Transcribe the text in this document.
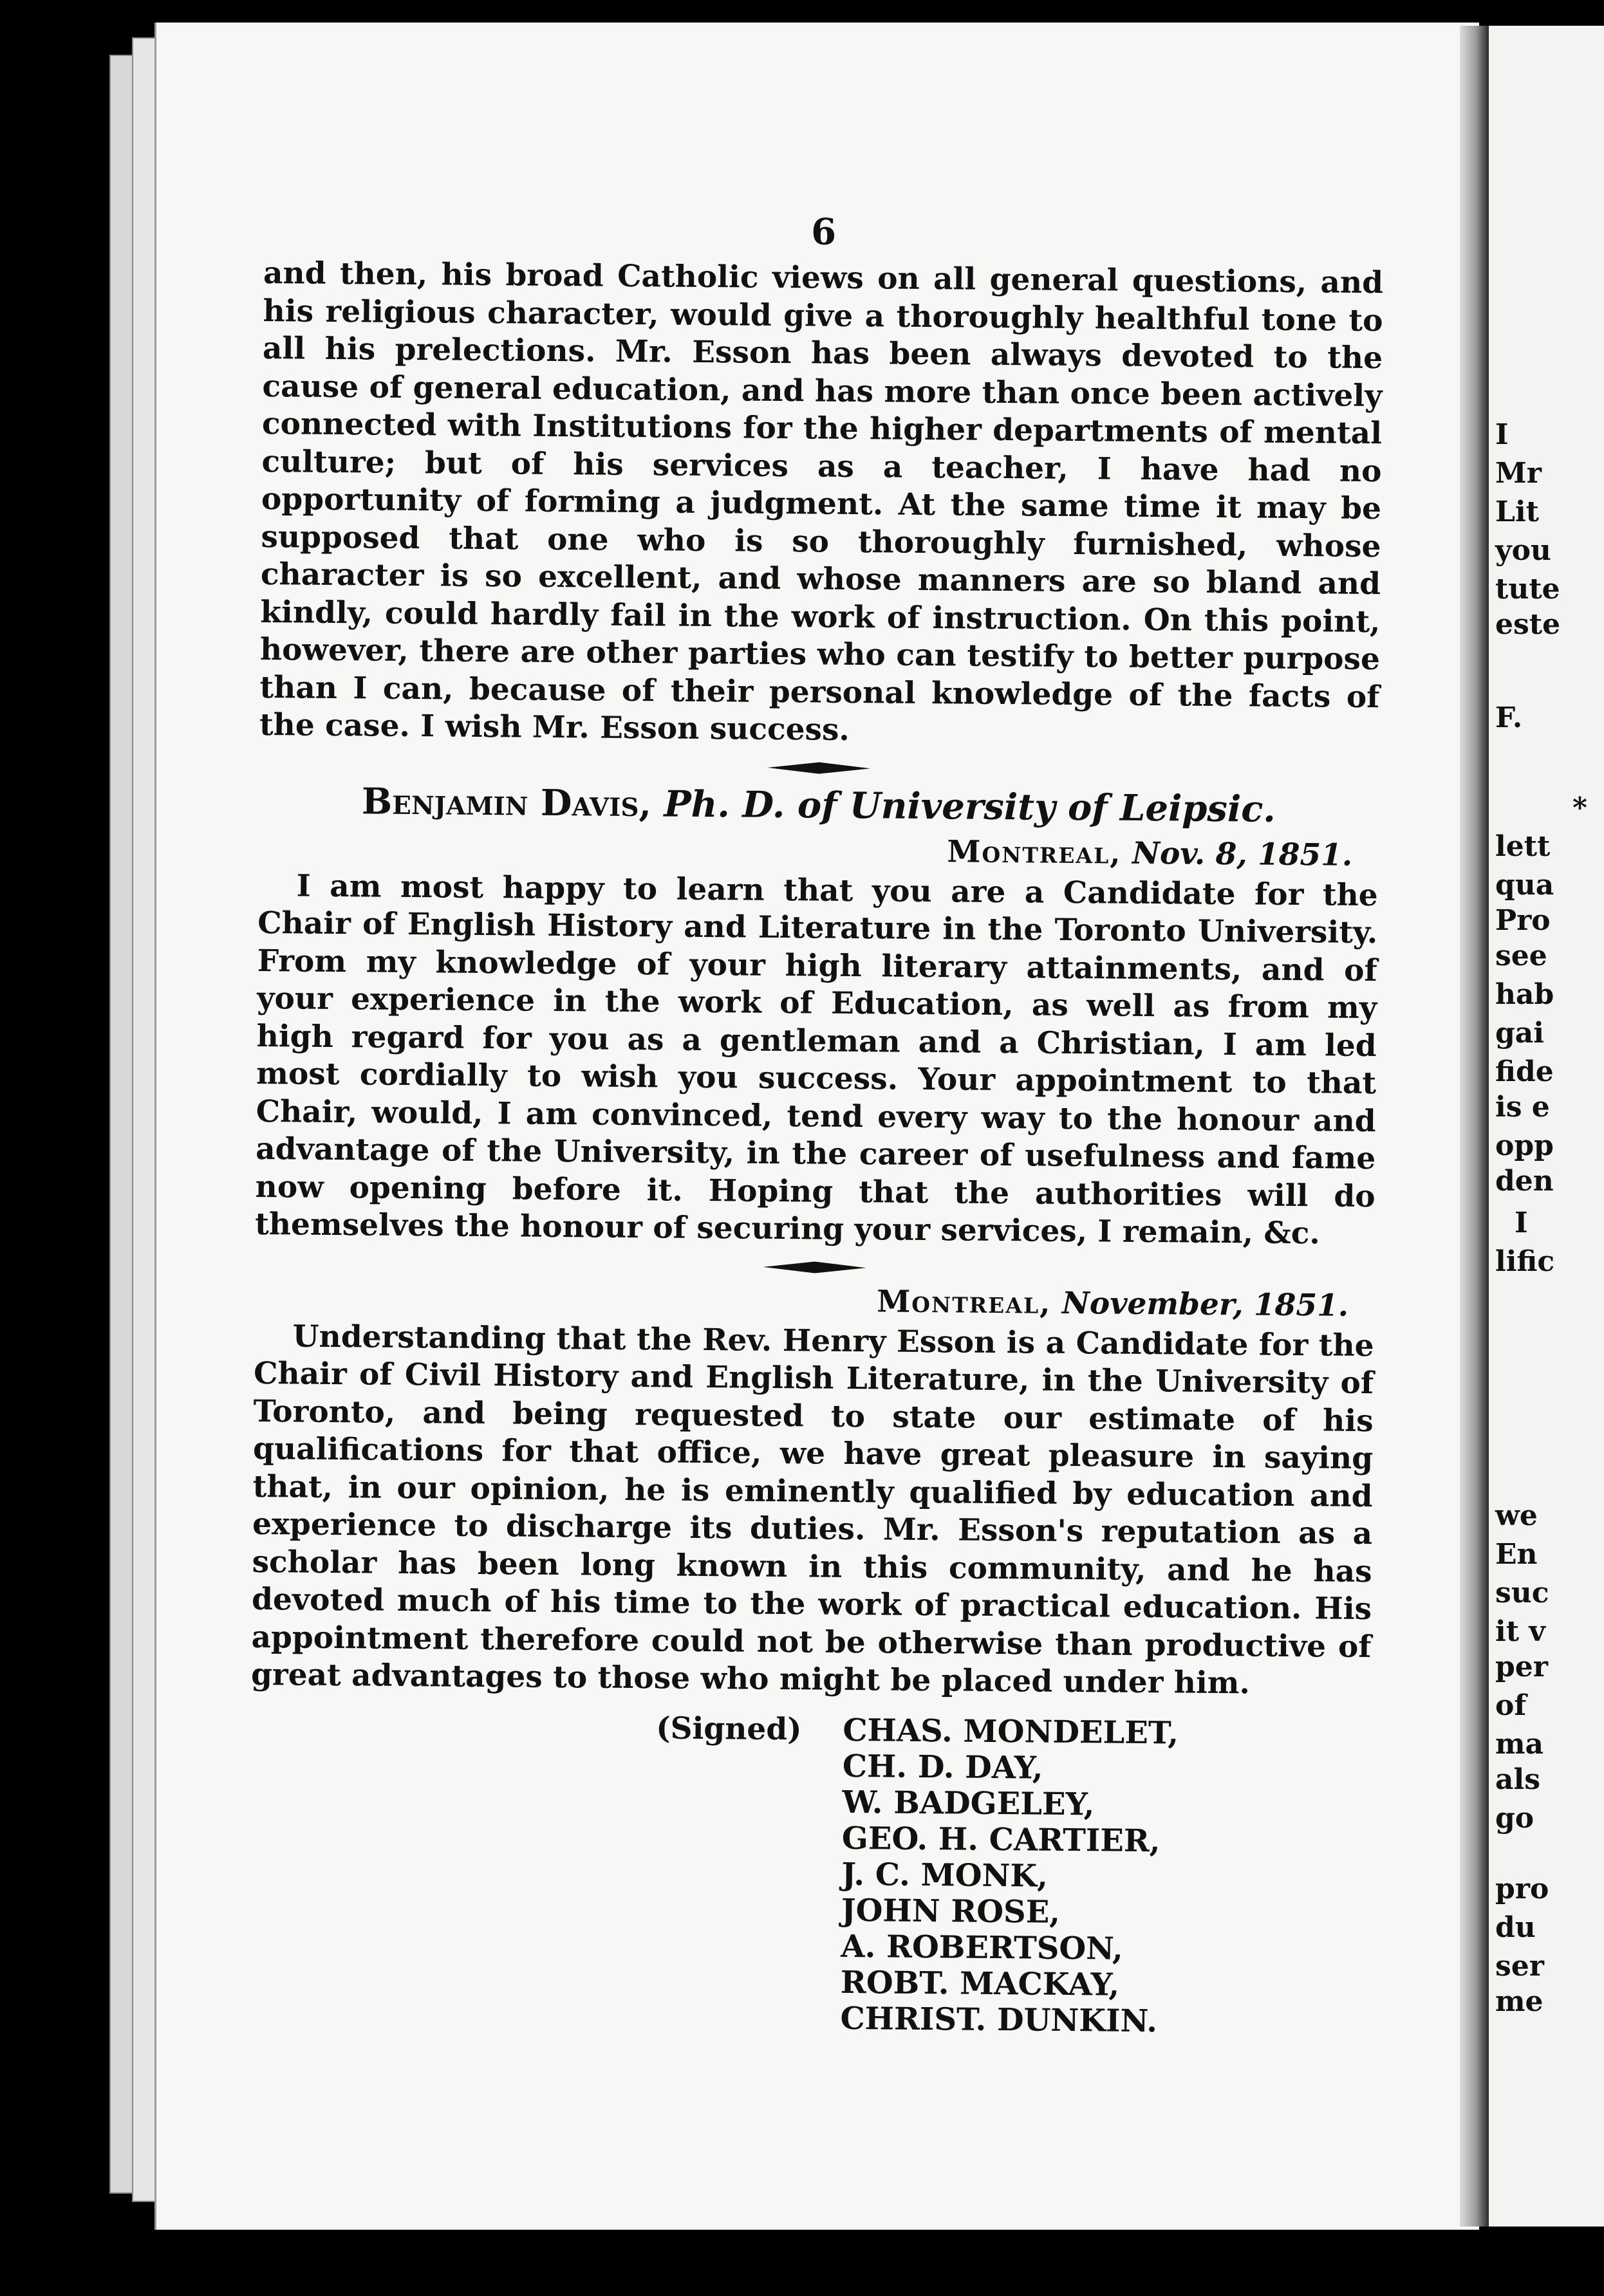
I
Mr
Lit
you
tute
este
F.
*
lett
qua
Pro
see
hab
gai
fide
is e
opp
den
I
lific
we
En
suc
it v
per
of
ma
als
go
pro
du
ser
me
6

and then, his broad Catholic views on all general questions, and his religious character, would give a thoroughly healthful tone to all his prelections. Mr. Esson has been always devoted to the cause of general education, and has more than once been actively connected with Institutions for the higher departments of mental culture; but of his services as a teacher, I have had no opportunity of forming a judgment. At the same time it may be supposed that one who is so thoroughly furnished, whose character is so excellent, and whose manners are so bland and kindly, could hardly fail in the work of instruction. On this point, however, there are other parties who can testify to better purpose than I can, because of their personal knowledge of the facts of the case. I wish Mr. Esson success.

Benjamin Davis, Ph. D. of University of Leipsic.
Montreal, Nov. 8, 1851.

I am most happy to learn that you are a Candidate for the Chair of English History and Literature in the Toronto University. From my knowledge of your high literary attainments, and of your experience in the work of Education, as well as from my high regard for you as a gentleman and a Christian, I am led most cordially to wish you success. Your appointment to that Chair, would, I am convinced, tend every way to the honour and advantage of the University, in the career of usefulness and fame now opening before it. Hoping that the authorities will do themselves the honour of securing your services, I remain, &c.

Montreal, November, 1851.

Understanding that the Rev. Henry Esson is a Candidate for the Chair of Civil History and English Literature, in the University of Toronto, and being requested to state our estimate of his qualifications for that office, we have great pleasure in saying that, in our opinion, he is eminently qualified by education and experience to discharge its duties. Mr. Esson's reputation as a scholar has been long known in this community, and he has devoted much of his time to the work of practical education. His appointment therefore could not be otherwise than productive of great advantages to those who might be placed under him.

(Signed) CHAS. MONDELET,
CH. D. DAY,
W. BADGELEY,
GEO. H. CARTIER,
J. C. MONK,
JOHN ROSE,
A. ROBERTSON,
ROBT. MACKAY,
CHRIST. DUNKIN.
